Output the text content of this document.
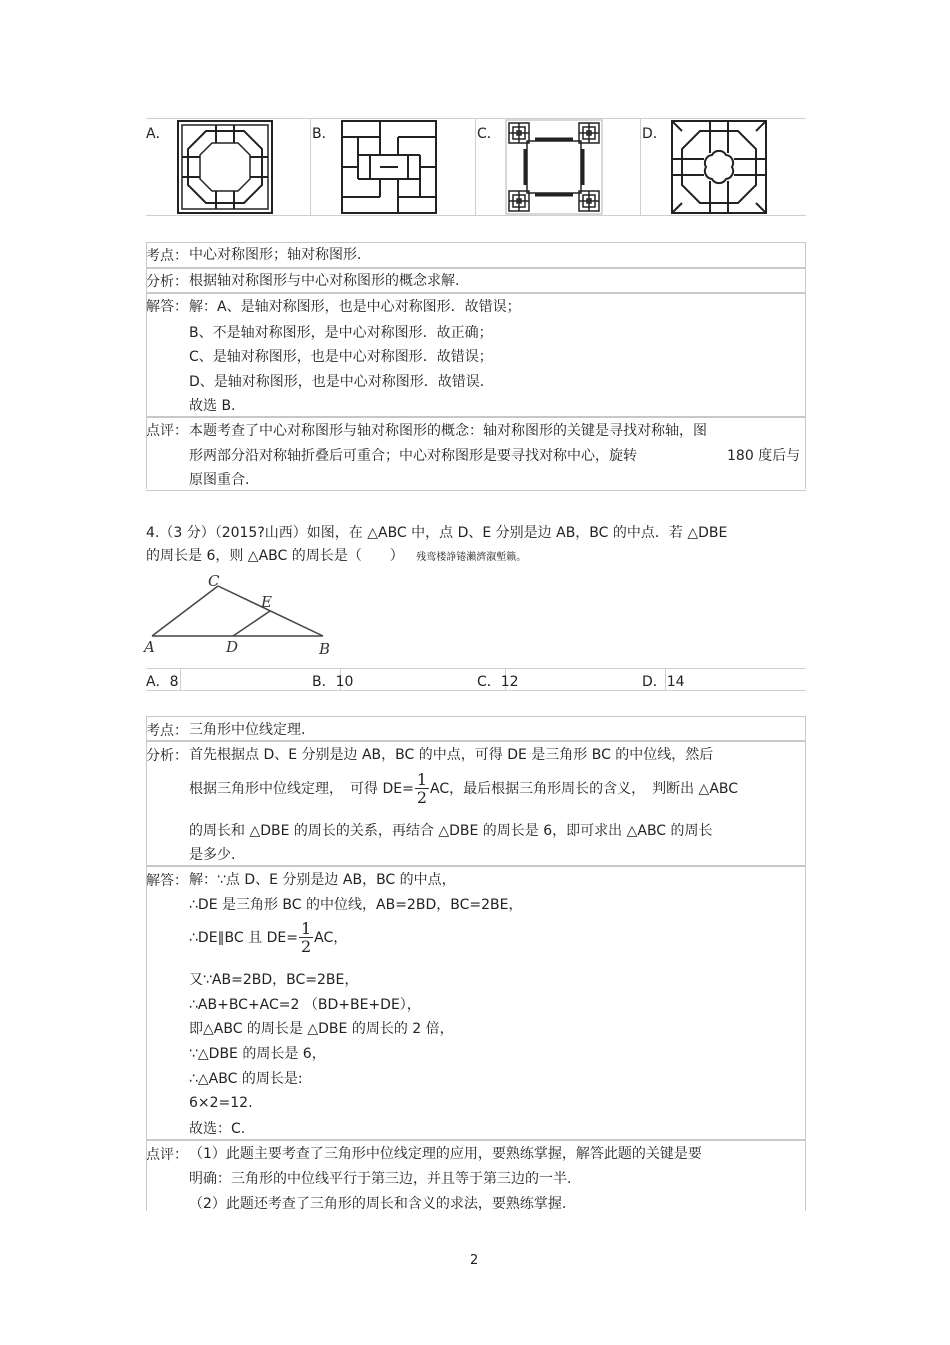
A．	B．	C．	D．
考点： 中心对称图形；轴对称图形.
分析： 根据轴对称图形与中心对称图形的概念求解.
解答： 解：A、是轴对称图形，也是中心对称图形．故错误；
B、不是轴对称图形，是中心对称图形．故正确；
C、是轴对称图形，也是中心对称图形．故错误；
D、是轴对称图形，也是中心对称图形．故错误.
故选 B.
点评： 本题考查了中心对称图形与轴对称图形的概念：轴对称图形的关键是寻找对称轴，图
形两部分沿对称轴折叠后可重合；中心对称图形是要寻找对称中心，旋转	180 度后与
原图重合.
4.（3 分）（2015?山西）如图，在 △ABC 中，点 D、E 分别是边 AB，BC 的中点．若 △DBE
的周长是 6，则 △ABC 的周长是（　　） 残鸾楼諍锩瀨濟溆塹籟。
C
E
A	D	B
A．8	B．10	C．12	D．14
考点： 三角形中位线定理.
分析： 首先根据点 D、E 分别是边 AB，BC 的中点，可得 DE 是三角形 BC 的中位线，然后
根据三角形中位线定理，　可得 $DE= \frac{1}{2}$ AC，最后根据三角形周长的含义，　判断出 △ABC
的周长和 △DBE 的周长的关系，再结合 △DBE 的周长是 6，即可求出 △ABC 的周长
是多少.
解答： 解：∵点 D、E 分别是边 AB，BC 的中点，
∴DE 是三角形 BC 的中位线，AB=2BD，BC=2BE，
∴DE∥BC 且 $DE= \frac{1}{2}$ AC，
又∵AB=2BD，BC=2BE，
∴AB+BC+AC=2 （BD+BE+DE），
即△ABC 的周长是 △DBE 的周长的 2 倍，
∵△DBE 的周长是 6，
∴△ABC 的周长是:
6×2=12.
故选：C.
点评： （1）此题主要考查了三角形中位线定理的应用，要熟练掌握，解答此题的关键是要
明确：三角形的中位线平行于第三边，并且等于第三边的一半.
（2）此题还考查了三角形的周长和含义的求法，要熟练掌握.
2
